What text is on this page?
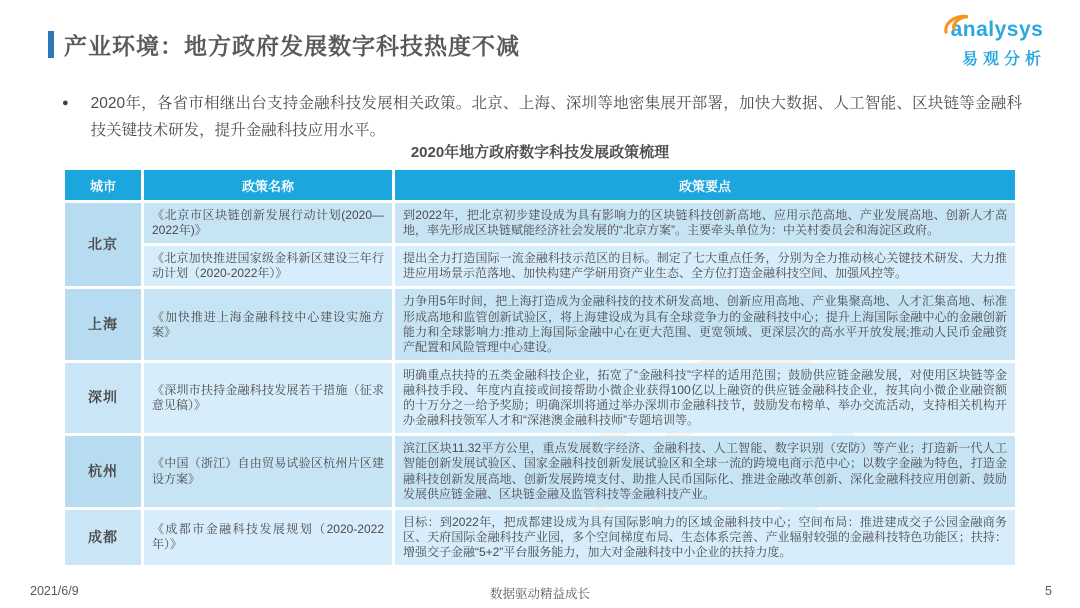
产业环境：地方政府发展数字科技热度不减
analysys
易观分析
● 2020年，各省市相继出台支持金融科技发展相关政策。北京、上海、深圳等地密集展开部署，加快大数据、人工智能、区块链等金融科技关键技术研发，提升金融科技应用水平。

2020年地方政府数字科技发展政策梳理
城市	政策名称	政策要点
北京	《北京市区块链创新发展行动计划(2020—2022年)》	到2022年，把北京初步建设成为具有影响力的区块链科技创新高地、应用示范高地、产业发展高地、创新人才高地，率先形成区块链赋能经济社会发展的“北京方案”。主要牵头单位为：中关村委员会和海淀区政府。
	《北京加快推进国家级金科新区建设三年行动计划（2020-2022年）》	提出全力打造国际一流金融科技示范区的目标。制定了七大重点任务，分别为全力推动核心关键技术研发、大力推进应用场景示范落地、加快构建产学研用资产业生态、全方位打造金融科技空间、加强风控等。
上海	《加快推进上海金融科技中心建设实施方案》	力争用5年时间，把上海打造成为金融科技的技术研发高地、创新应用高地、产业集聚高地、人才汇集高地、标准形成高地和监管创新试验区，将上海建设成为具有全球竞争力的金融科技中心；提升上海国际金融中心的金融创新能力和全球影响力:推动上海国际金融中心在更大范围、更宽领域、更深层次的高水平开放发展;推动人民币金融资产配置和风险管理中心建设。
深圳	《深圳市扶持金融科技发展若干措施（征求意见稿）》	明确重点扶持的五类金融科技企业，拓宽了“金融科技”字样的适用范围；鼓励供应链金融发展，对使用区块链等金融科技手段、年度内直接或间接帮助小微企业获得100亿以上融资的供应链金融科技企业，按其向小微企业融资额的十万分之一给予奖励；明确深圳将通过举办深圳市金融科技节，鼓励发布榜单、举办交流活动，支持相关机构开办金融科技领军人才和“深港澳金融科技师”专题培训等。
杭州	《中国（浙江）自由贸易试验区杭州片区建设方案》	滨江区块11.32平方公里，重点发展数字经济、金融科技、人工智能、数字识别（安防）等产业；打造新一代人工智能创新发展试验区、国家金融科技创新发展试验区和全球一流的跨境电商示范中心；以数字金融为特色，打造金融科技创新发展高地、创新发展跨境支付、助推人民币国际化、推进金融改革创新、深化金融科技应用创新、鼓励发展供应链金融、区块链金融及监管科技等金融科技产业。
成都	《成都市金融科技发展规划（2020-2022年）》	目标：到2022年，把成都建设成为具有国际影响力的区域金融科技中心；空间布局：推进建成交子公园金融商务区、天府国际金融科技产业园，多个空间梯度布局、生态体系完善、产业辐射较强的金融科技特色功能区；扶持：增强交子金融“5+2”平台服务能力，加大对金融科技中小企业的扶持力度。
2021/6/9	数据驱动精益成长	5
